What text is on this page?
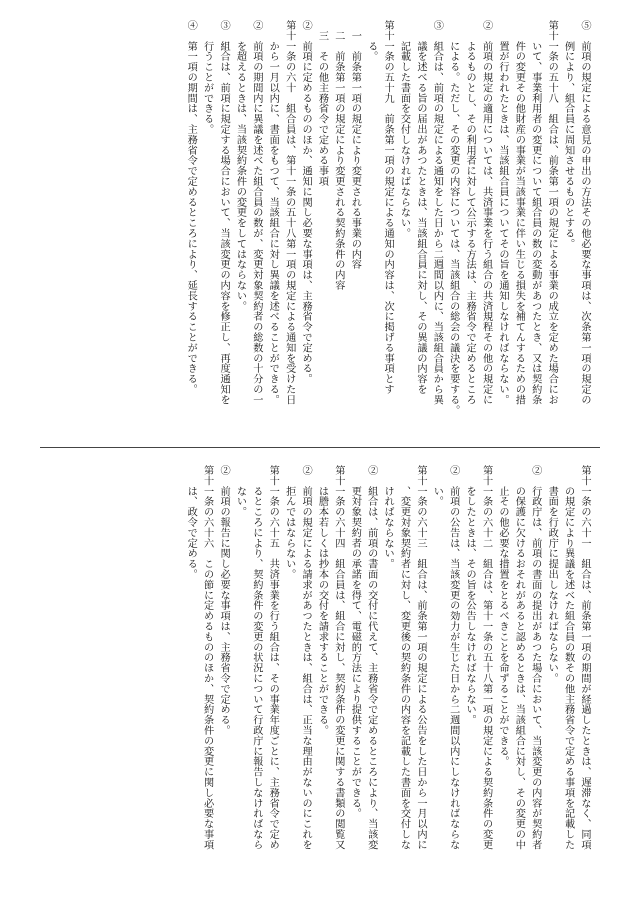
⑤　前項の規定による意見の申出の方法その他必要な事項は、次条第一項の規定の

　　例により、組合員に周知させるものとする。

第十一条の五十八　組合は、前条第一項の規定による事業の成立を定めた場合にお

　　いて、事業利用者の変更について組合員の数の変動があつたとき、又は契約条

　　件の変更その他財産の事業が当該事業に伴い生じる損失を補てんするための措

　　置が行われたときは、当該組合員についてその旨を通知しなければならない。

②　前項の規定の適用については、共済事業を行う組合の共済規程その他の規定に

　　よるものとし、その利用者に対して公示する方法は、主務省令で定めるところ

　　による。ただし、その変更の内容については、当該組合の総会の議決を要する。

③　組合は、前項の規定による通知をした日から二週間以内に、当該組合員から異

　　議を述べる旨の届出があつたときは、当該組合員に対し、その異議の内容を

　　記載した書面を交付しなければならない。

第十一条の五十九　前条第一項の規定による通知の内容は、次に掲げる事項とす

　　る。

　一　前条第一項の規定により変更される事業の内容

　二　前条第一項の規定により変更される契約条件の内容

　三　その他主務省令で定める事項

②　前項に定めるもののほか、通知に関し必要な事項は、主務省令で定める。

第十一条の六十　組合員は、第十一条の五十八第一項の規定による通知を受けた日

　　から一月以内に、書面をもつて、当該組合に対し異議を述べることができる。

②　前項の期間内に異議を述べた組合員の数が、変更対象契約者の総数の十分の一

　　を超えるときは、当該契約条件の変更をしてはならない。

③　組合は、前項に規定する場合において、当該変更の内容を修正し、再度通知を

　　行うことができる。

④　第一項の期間は、主務省令で定めるところにより、延長することができる。

第十一条の六十一　組合は、前条第一項の期間が経過したときは、遅滞なく、同項

　　の規定により異議を述べた組合員の数その他主務省令で定める事項を記載した

　　書面を行政庁に提出しなければならない。

②　行政庁は、前項の書面の提出があつた場合において、当該変更の内容が契約者

　　の保護に欠けるおそれがあると認めるときは、当該組合に対し、その変更の中

　　止その他必要な措置をとるべきことを命ずることができる。

第十一条の六十二　組合は、第十一条の五十八第一項の規定による契約条件の変更

　　をしたときは、その旨を公告しなければならない。

②　前項の公告は、当該変更の効力が生じた日から二週間以内にしなければならな

　　い。

第十一条の六十三　組合は、前条第一項の規定による公告をした日から一月以内に

　　、変更対象契約者に対し、変更後の契約条件の内容を記載した書面を交付しな

　　ければならない。

②　組合は、前項の書面の交付に代えて、主務省令で定めるところにより、当該変

　　更対象契約者の承諾を得て、電磁的方法により提供することができる。

第十一条の六十四　組合員は、組合に対し、契約条件の変更に関する書類の閲覧又

　　は謄本若しくは抄本の交付を請求することができる。

②　前項の規定による請求があつたときは、組合は、正当な理由がないのにこれを

　　拒んではならない。

第十一条の六十五　共済事業を行う組合は、その事業年度ごとに、主務省令で定め

　　るところにより、契約条件の変更の状況について行政庁に報告しなければなら

　　ない。

②　前項の報告に関し必要な事項は、主務省令で定める。

第十一条の六十六　この節に定めるもののほか、契約条件の変更に関し必要な事項

　　は、政令で定める。
